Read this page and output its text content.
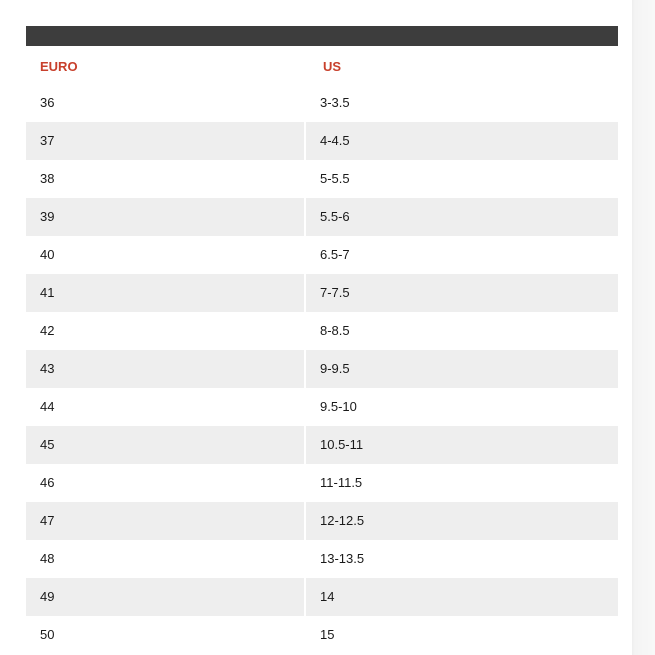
EURO	US
36	3-3.5
37	4-4.5
38	5-5.5
39	5.5-6
40	6.5-7
41	7-7.5
42	8-8.5
43	9-9.5
44	9.5-10
45	10.5-11
46	11-11.5
47	12-12.5
48	13-13.5
49	14
50	15
